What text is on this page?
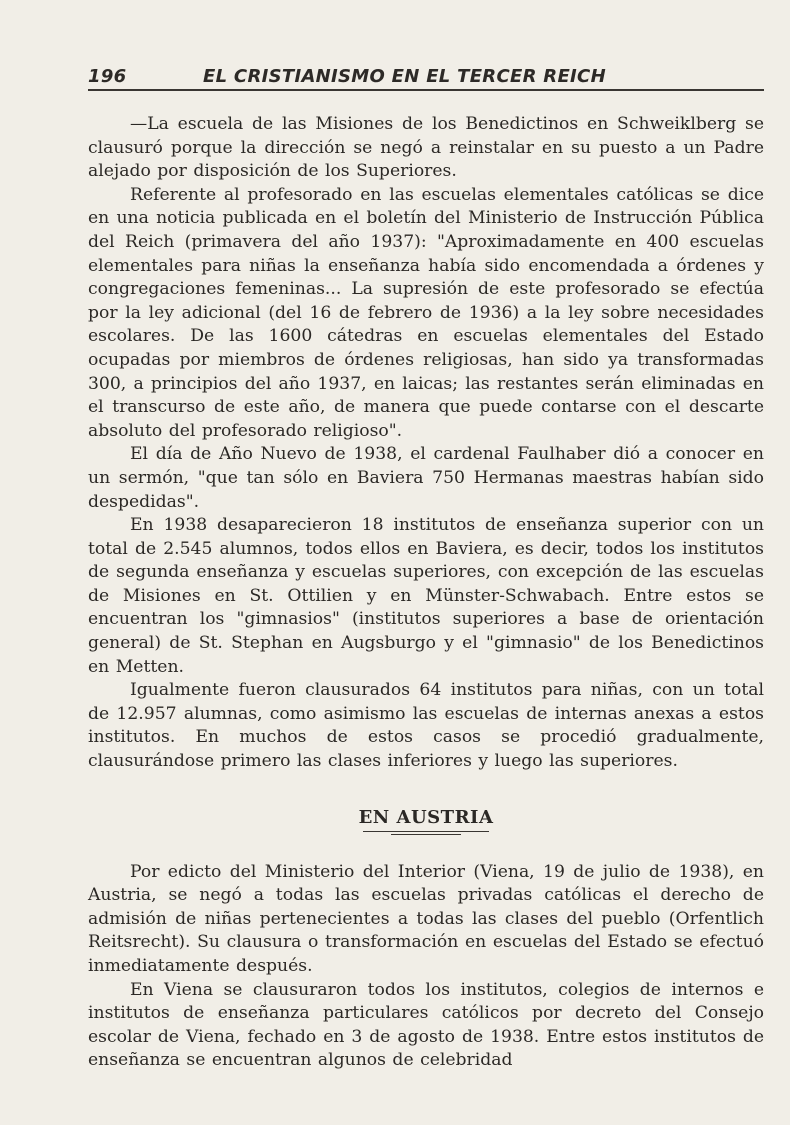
196	EL CRISTIANISMO EN EL TERCER REICH

—La escuela de las Misiones de los Benedictinos en Schweiklberg se clausuró porque la dirección se negó a reinstalar en su puesto a un Padre alejado por disposición de los Superiores.

Referente al profesorado en las escuelas elementales católicas se dice en una noticia publicada en el boletín del Ministerio de Instrucción Pública del Reich (primavera del año 1937): "Aproximadamente en 400 escuelas elementales para niñas la enseñanza había sido encomendada a órdenes y congregaciones femeninas... La supresión de este profesorado se efectúa por la ley adicional (del 16 de febrero de 1936) a la ley sobre necesidades escolares. De las 1600 cátedras en escuelas elementales del Estado ocupadas por miembros de órdenes religiosas, han sido ya transformadas 300, a principios del año 1937, en laicas; las restantes serán eliminadas en el transcurso de este año, de manera que puede contarse con el descarte absoluto del profesorado religioso".

El día de Año Nuevo de 1938, el cardenal Faulhaber dió a conocer en un sermón, "que tan sólo en Baviera 750 Hermanas maestras habían sido despedidas".

En 1938 desaparecieron 18 institutos de enseñanza superior con un total de 2.545 alumnos, todos ellos en Baviera, es decir, todos los institutos de segunda enseñanza y escuelas superiores, con excepción de las escuelas de Misiones en St. Ottilien y en Münster-Schwabach. Entre estos se encuentran los "gimnasios" (institutos superiores a base de orientación general) de St. Stephan en Augsburgo y el "gimnasio" de los Benedictinos en Metten.

Igualmente fueron clausurados 64 institutos para niñas, con un total de 12.957 alumnas, como asimismo las escuelas de internas anexas a estos institutos. En muchos de estos casos se procedió gradualmente, clausurándose primero las clases inferiores y luego las superiores.

EN AUSTRIA

Por edicto del Ministerio del Interior (Viena, 19 de julio de 1938), en Austria, se negó a todas las escuelas privadas católicas el derecho de admisión de niñas pertenecientes a todas las clases del pueblo (Orfentlich Reitsrecht). Su clausura o transformación en escuelas del Estado se efectuó inmediatamente después.

En Viena se clausuraron todos los institutos, colegios de internos e institutos de enseñanza particulares católicos por decreto del Consejo escolar de Viena, fechado en 3 de agosto de 1938. Entre estos institutos de enseñanza se encuentran algunos de celebridad
